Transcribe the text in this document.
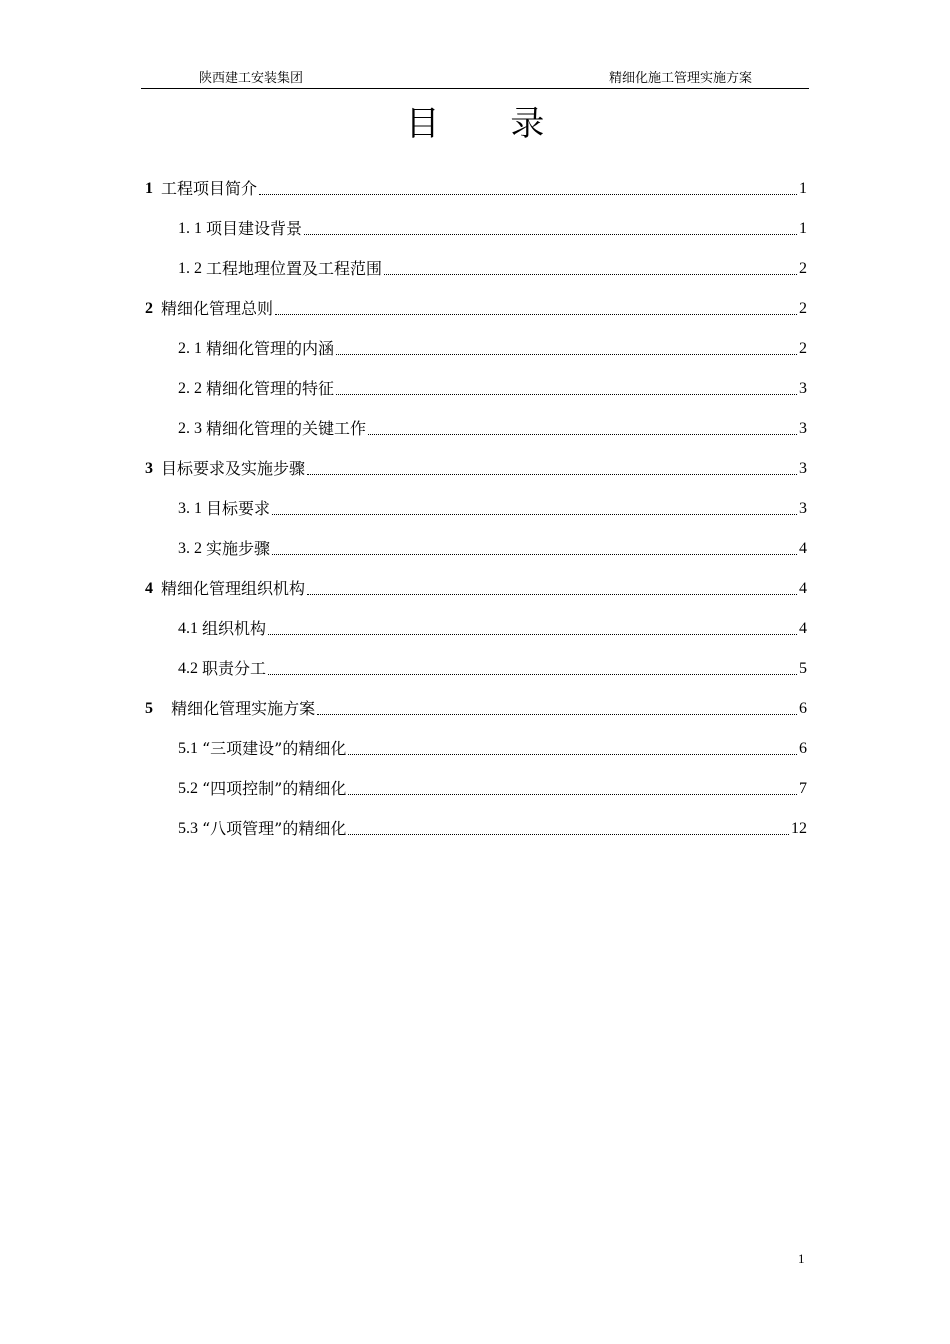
陕西建工安装集团	精细化施工管理实施方案
目 录
1 工程项目简介	1
1. 1 项目建设背景	1
1. 2 工程地理位置及工程范围	2
2 精细化管理总则	2
2. 1 精细化管理的内涵	2
2. 2 精细化管理的特征	3
2. 3 精细化管理的关键工作	3
3 目标要求及实施步骤	3
3. 1 目标要求	3
3. 2 实施步骤	4
4 精细化管理组织机构	4
4.1 组织机构	4
4.2 职责分工	5
5 精细化管理实施方案	6
5.1 “三项建设”的精细化	6
5.2 “四项控制”的精细化	7
5.3 “八项管理”的精细化	12
1
